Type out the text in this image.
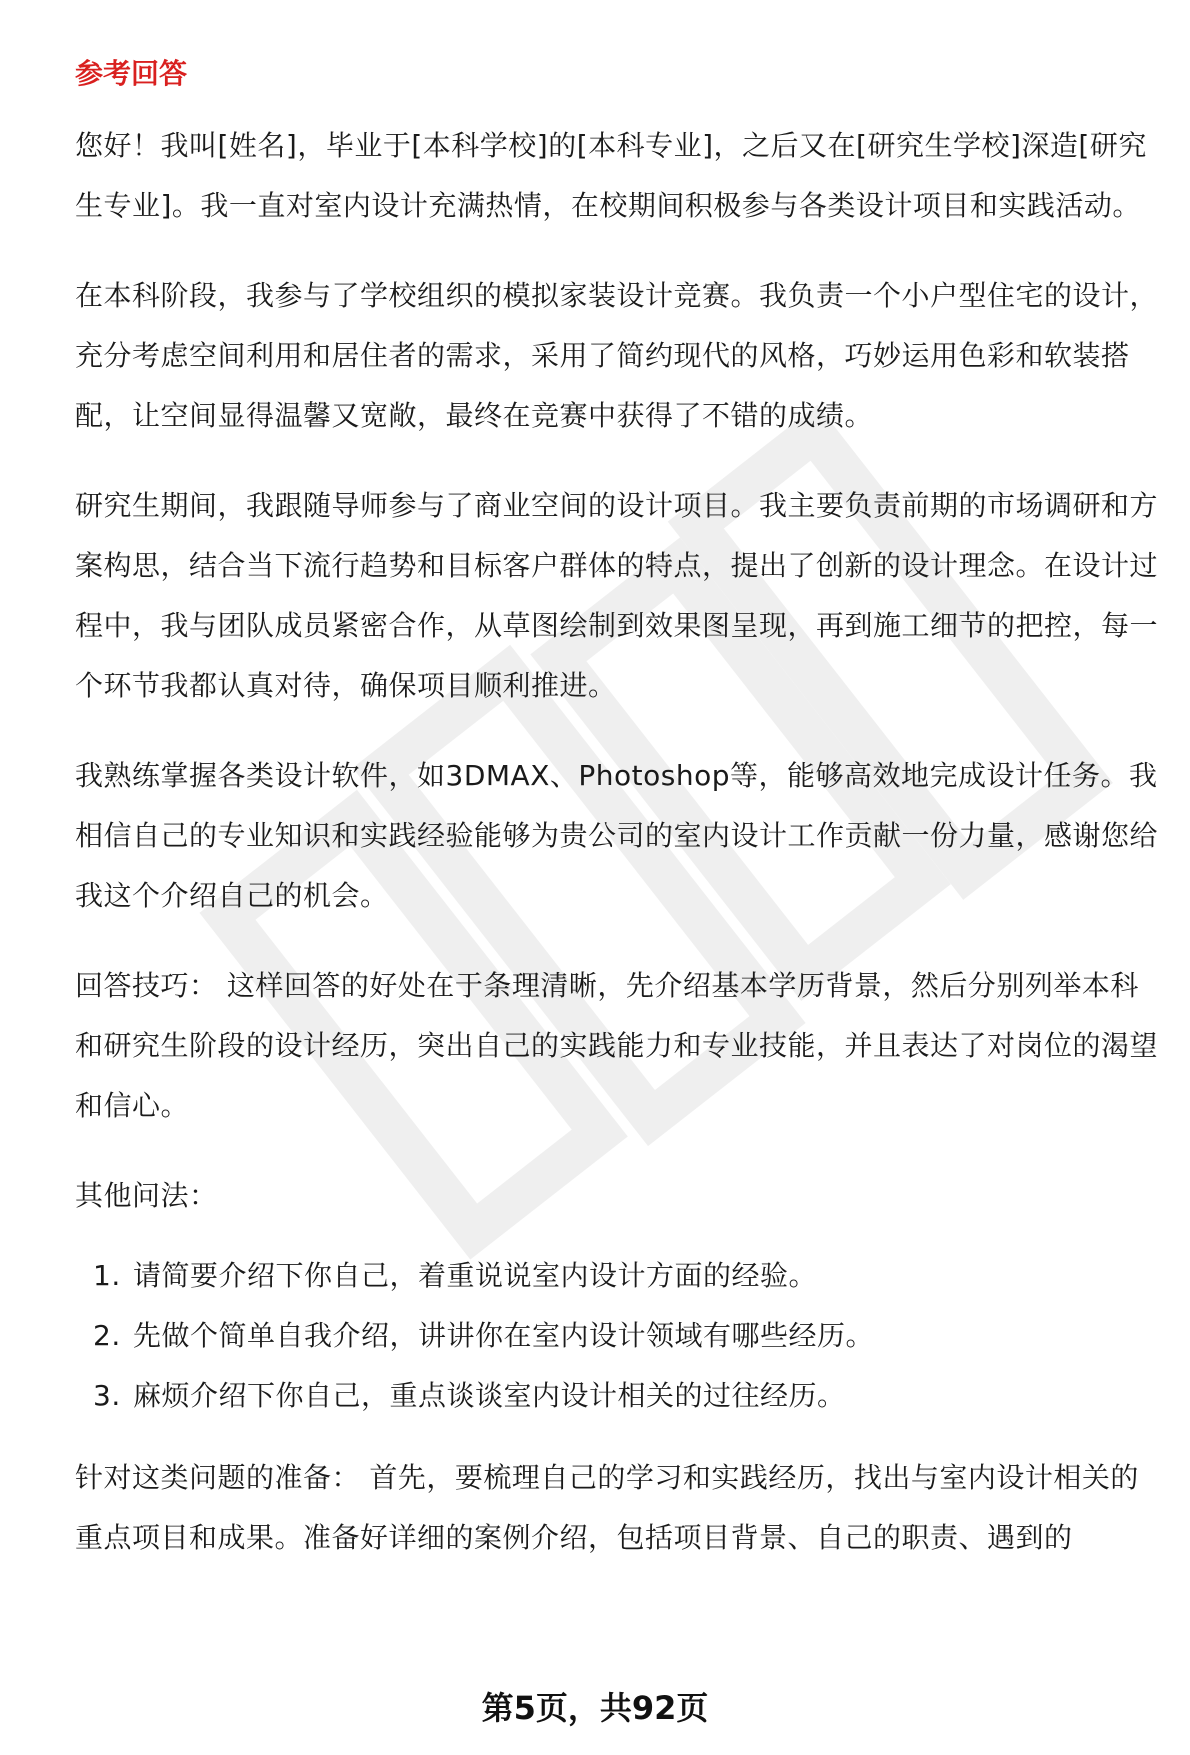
参考回答

您好！我叫[姓名]，毕业于[本科学校]的[本科专业]，之后又在[研究生学校]深造[研究生专业]。我一直对室内设计充满热情，在校期间积极参与各类设计项目和实践活动。

在本科阶段，我参与了学校组织的模拟家装设计竞赛。我负责一个小户型住宅的设计，充分考虑空间利用和居住者的需求，采用了简约现代的风格，巧妙运用色彩和软装搭配，让空间显得温馨又宽敞，最终在竞赛中获得了不错的成绩。

研究生期间，我跟随导师参与了商业空间的设计项目。我主要负责前期的市场调研和方案构思，结合当下流行趋势和目标客户群体的特点，提出了创新的设计理念。在设计过程中，我与团队成员紧密合作，从草图绘制到效果图呈现，再到施工细节的把控，每一个环节我都认真对待，确保项目顺利推进。

我熟练掌握各类设计软件，如3DMAX、Photoshop等，能够高效地完成设计任务。我相信自己的专业知识和实践经验能够为贵公司的室内设计工作贡献一份力量，感谢您给我这个介绍自己的机会。

回答技巧： 这样回答的好处在于条理清晰，先介绍基本学历背景，然后分别列举本科和研究生阶段的设计经历，突出自己的实践能力和专业技能，并且表达了对岗位的渴望和信心。

其他问法：

1. 请简要介绍下你自己，着重说说室内设计方面的经验。
2. 先做个简单自我介绍，讲讲你在室内设计领域有哪些经历。
3. 麻烦介绍下你自己，重点谈谈室内设计相关的过往经历。

针对这类问题的准备： 首先，要梳理自己的学习和实践经历，找出与室内设计相关的重点项目和成果。准备好详细的案例介绍，包括项目背景、自己的职责、遇到的

第5页，共92页
